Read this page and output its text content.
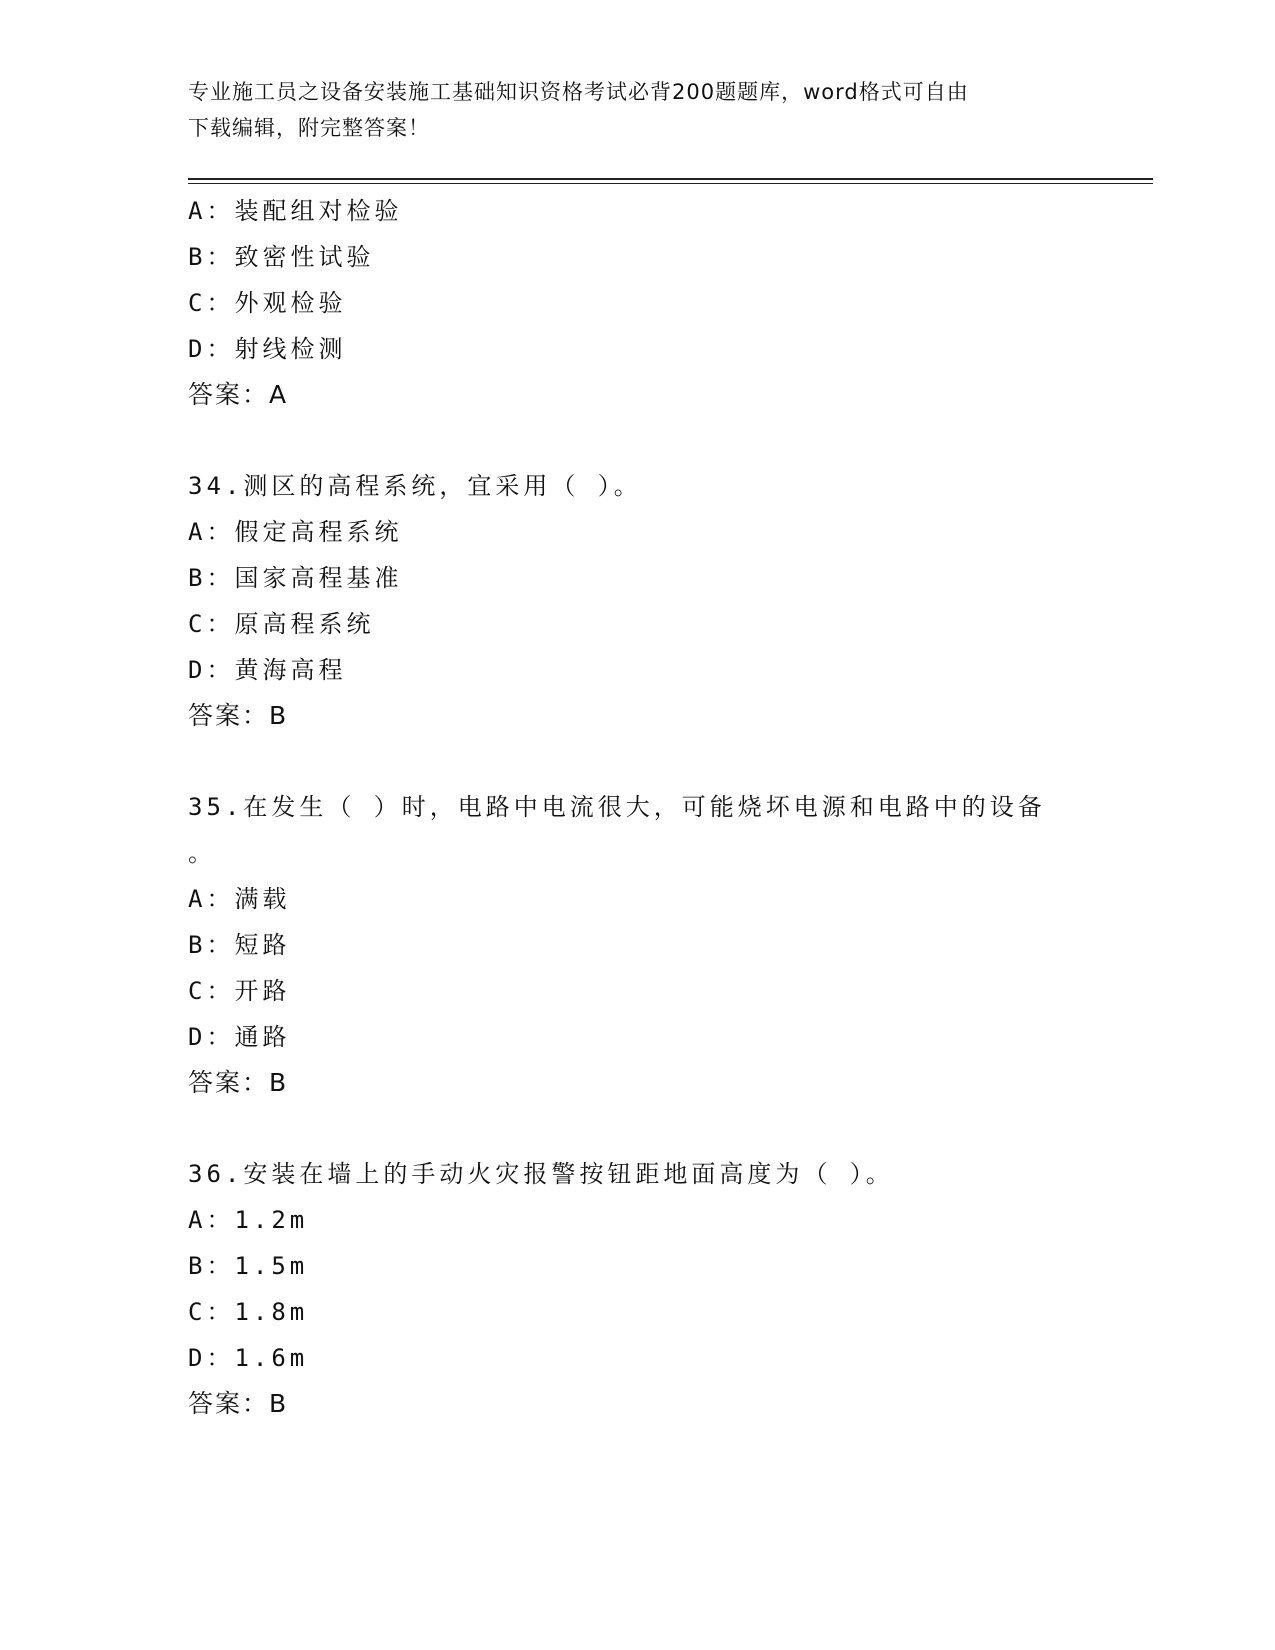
专业施工员之设备安装施工基础知识资格考试必背200题题库，word格式可自由
下载编辑，附完整答案！
A：装配组对检验
B：致密性试验
C：外观检验
D：射线检测
答案：A
34.测区的高程系统，宜采用（ ）。
A：假定高程系统
B：国家高程基准
C：原高程系统
D：黄海高程
答案：B
35.在发生（ ）时，电路中电流很大，可能烧坏电源和电路中的设备
。
A：满载
B：短路
C：开路
D：通路
答案：B
36.安装在墙上的手动火灾报警按钮距地面高度为（ ）。
A：1.2m
B：1.5m
C：1.8m
D：1.6m
答案：B
